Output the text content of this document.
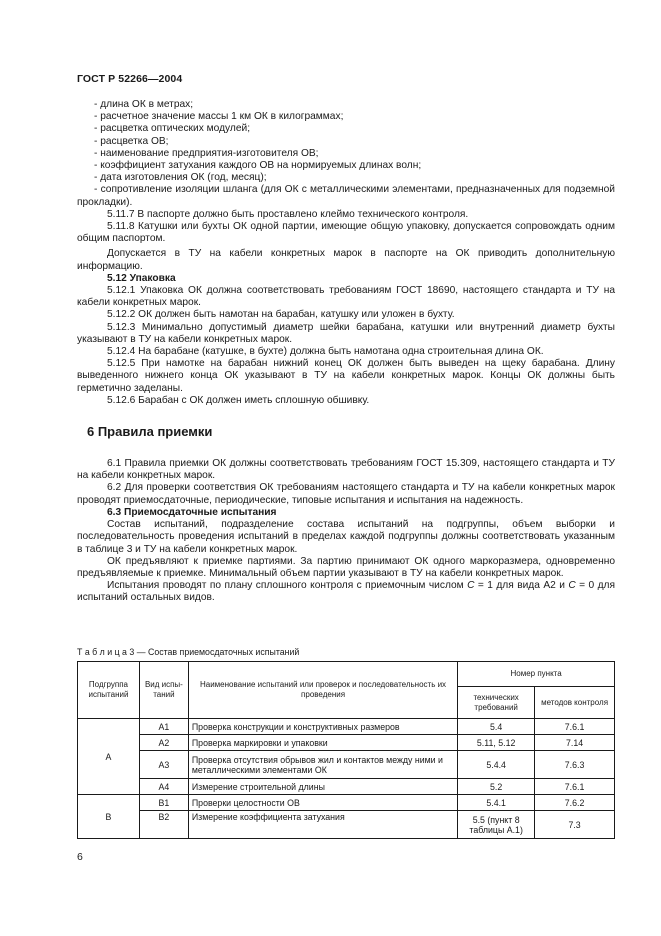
ГОСТ Р 52266—2004

- длина ОК в метрах;

- расчетное значение массы 1 км ОК в килограммах;

- расцветка оптических модулей;

- расцветка ОВ;

- наименование предприятия-изготовителя ОВ;

- коэффициент затухания каждого ОВ на нормируемых длинах волн;

- дата изготовления ОК (год, месяц);

- сопротивление изоляции шланга (для ОК с металлическими элементами, предназначенных для подземной прокладки).

5.11.7 В паспорте должно быть проставлено клеймо технического контроля.

5.11.8 Катушки или бухты ОК одной партии, имеющие общую упаковку, допускается сопровождать одним общим паспортом.

Допускается в ТУ на кабели конкретных марок в паспорте на ОК приводить дополнительную информацию.

5.12 Упаковка

5.12.1 Упаковка ОК должна соответствовать требованиям ГОСТ 18690, настоящего стандарта и ТУ на кабели конкретных марок.

5.12.2 ОК должен быть намотан на барабан, катушку или уложен в бухту.

5.12.3 Минимально допустимый диаметр шейки барабана, катушки или внутренний диаметр бухты указывают в ТУ на кабели конкретных марок.

5.12.4 На барабане (катушке, в бухте) должна быть намотана одна строительная длина ОК.

5.12.5 При намотке на барабан нижний конец ОК должен быть выведен на щеку барабана. Длину выведенного нижнего конца ОК указывают в ТУ на кабели конкретных марок. Концы ОК должны быть герметично заделаны.

5.12.6 Барабан с ОК должен иметь сплошную обшивку.

6 Правила приемки

6.1 Правила приемки ОК должны соответствовать требованиям ГОСТ 15.309, настоящего стандарта и ТУ на кабели конкретных марок.

6.2 Для проверки соответствия ОК требованиям настоящего стандарта и ТУ на кабели конкретных марок проводят приемосдаточные, периодические, типовые испытания и испытания на надежность.

6.3 Приемосдаточные испытания

Состав испытаний, подразделение состава испытаний на подгруппы, объем выборки и последовательность проведения испытаний в пределах каждой подгруппы должны соответствовать указанным в таблице 3 и ТУ на кабели конкретных марок.

ОК предъявляют к приемке партиями. За партию принимают ОК одного маркоразмера, одновременно предъявляемые к приемке. Минимальный объем партии указывают в ТУ на кабели конкретных марок.

Испытания проводят по плану сплошного контроля с приемочным числом C = 1 для вида А2 и C = 0 для испытаний остальных видов.

Т а б л и ц а 3 — Состав приемосдаточных испытаний
Подгруппа испытаний	Вид испы-таний	Наименование испытаний или проверок и последовательность их проведения	Номер пункта	
			технических требований	методов контроля
А	А1	Проверка конструкции и конструктивных размеров	5.4	7.6.1
	А2	Проверка маркировки и упаковки	5.11, 5.12	7.14
	А3	Проверка отсутствия обрывов жил и контактов между ними и металлическими элементами ОК	5.4.4	7.6.3
	А4	Измерение строительной длины	5.2	7.6.1
В	В1	Проверки целостности ОВ	5.4.1	7.6.2
	В2	Измерение коэффициента затухания	5.5 (пункт 8 таблицы А.1)	7.3
6
